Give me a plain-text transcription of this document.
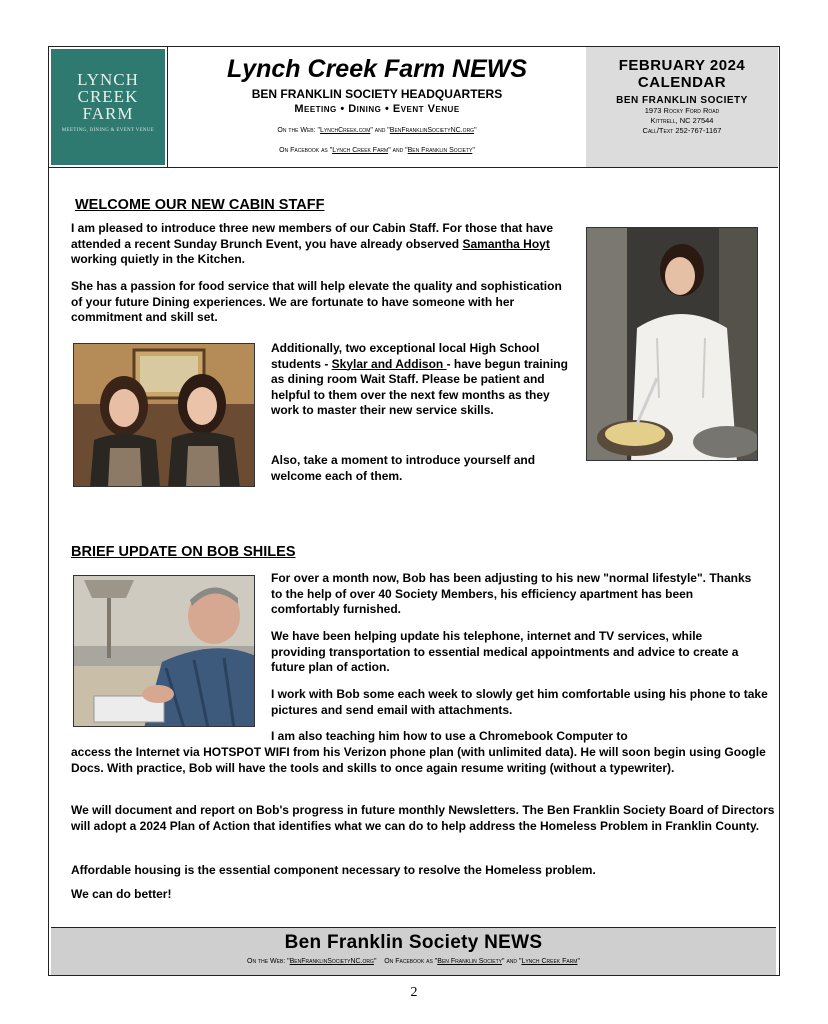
LYNCH
CREEK
FARM
MEETING, DINING & EVENT VENUE
Lynch Creek Farm NEWS
BEN FRANKLIN SOCIETY HEADQUARTERS
Meeting • Dining • Event Venue
On the Web: "LynchCreek.com" and "BenFranklinSocietyNC.org"
On Facebook as "Lynch Creek Farm" and "Ben Franklin Society"
FEBRUARY 2024
CALENDAR
BEN FRANKLIN SOCIETY
1973 Rocky Ford Road
Kittrell, NC 27544
Call/Text 252-767-1167
WELCOME OUR NEW CABIN STAFF
I am pleased to introduce three new members of our Cabin Staff. For those that have attended a recent Sunday Brunch Event, you have already observed Samantha Hoyt working quietly in the Kitchen.
She has a passion for food service that will help elevate the quality and sophistication of your future Dining experiences. We are fortunate to have someone with her commitment and skill set.
Additionally, two exceptional local High School students - Skylar and Addison - have begun training as dining room Wait Staff. Please be patient and helpful to them over the next few months as they work to master their new service skills.
Also, take a moment to introduce yourself and welcome each of them.
BRIEF UPDATE ON BOB SHILES
For over a month now, Bob has been adjusting to his new "normal lifestyle". Thanks to the help of over 40 Society Members, his efficiency apartment has been comfortably furnished.
We have been helping update his telephone, internet and TV services, while providing transportation to essential medical appointments and advice to create a future plan of action.
I work with Bob some each week to slowly get him comfortable using his phone to take pictures and send email with attachments.
I am also teaching him how to use a Chromebook Computer to
access the Internet via HOTSPOT WIFI from his Verizon phone plan (with unlimited data). He will soon begin using Google Docs. With practice, Bob will have the tools and skills to once again resume writing (without a typewriter).
We will document and report on Bob's progress in future monthly Newsletters. The Ben Franklin Society Board of Directors will adopt a 2024 Plan of Action that identifies what we can do to help address the Homeless Problem in Franklin County.
Affordable housing is the essential component necessary to resolve the Homeless problem.
We can do better!
Ben Franklin Society NEWS
On the Web: "BenFranklinSocietyNC.org" On Facebook as "Ben Franklin Society" and "Lynch Creek Farm"
2
